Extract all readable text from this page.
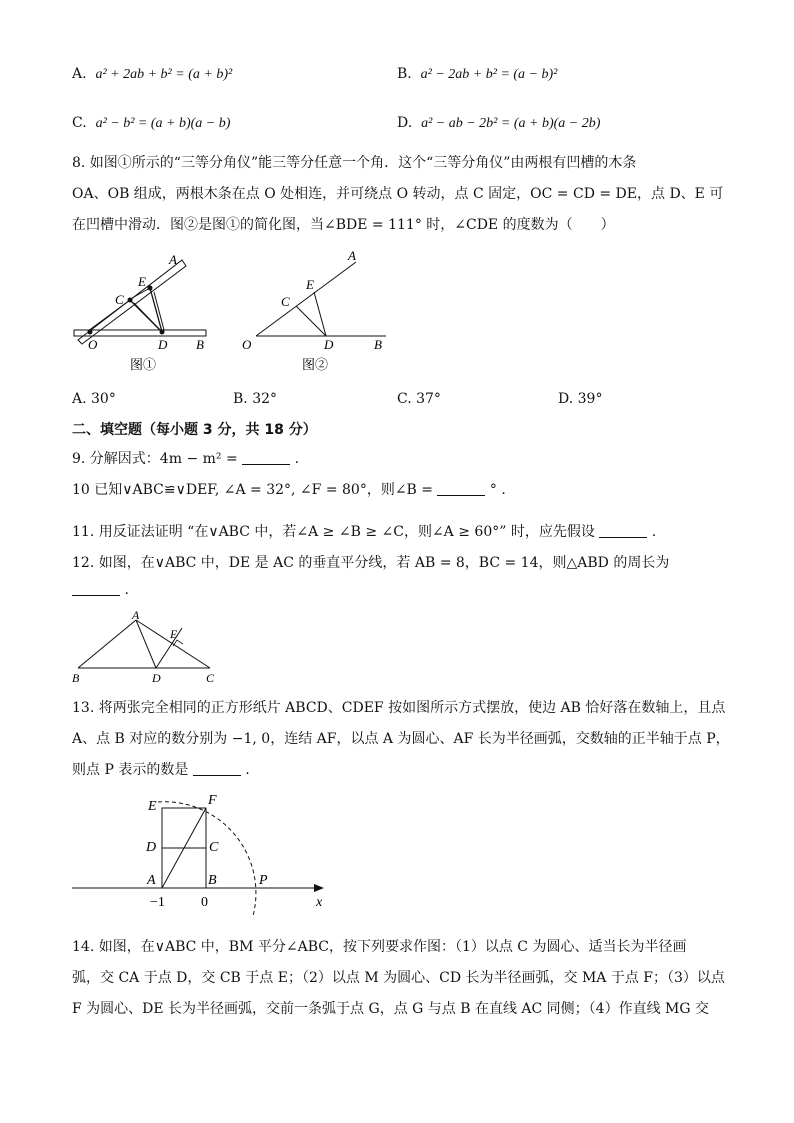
A. a² + 2ab + b² = (a + b)²	B. a² − 2ab + b² = (a − b)²
C. a² − b² = (a + b)(a − b)	D. a² − ab − 2b² = (a + b)(a − 2b)
8. 如图①所示的“三等分角仪”能三等分任意一个角．这个“三等分角仪”由两根有凹槽的木条
OA、OB 组成，两根木条在点 O 处相连，并可绕点 O 转动，点 C 固定，OC = CD = DE，点 D、E 可
在凹槽中滑动．图②是图①的简化图，当∠BDE = 111° 时，∠CDE 的度数为（　　）
O	D B
C
E
A
图①
O	D	B
C
E
A
图②
A. 30°	B. 32°	C. 37°	D. 39°
二、填空题（每小题 3 分，共 18 分）
9. 分解因式：4m − m² =	.
10 已知∨ABC≌∨DEF, ∠A = 32°, ∠F = 80°，则∠B =	° .
11. 用反证法证明 “在∨ABC 中，若∠A ≥ ∠B ≥ ∠C，则∠A ≥ 60°” 时，应先假设	.
12. 如图，在∨ABC 中，DE 是 AC 的垂直平分线，若 AB = 8，BC = 14，则△ABD 的周长为
.
A
B	D	C
E
13. 将两张完全相同的正方形纸片 ABCD、CDEF 按如图所示方式摆放，使边 AB 恰好落在数轴上，且点
A、点 B 对应的数分别为 −1, 0，连结 AF，以点 A 为圆心、AF 长为半径画弧，交数轴的正半轴于点 P，
则点 P 表示的数是	.
E	F
D	C
A	B	P
x
−1	0
14. 如图，在∨ABC 中，BM 平分∠ABC，按下列要求作图：（1）以点 C 为圆心、适当长为半径画
弧，交 CA 于点 D，交 CB 于点 E；（2）以点 M 为圆心、CD 长为半径画弧，交 MA 于点 F；（3）以点
F 为圆心、DE 长为半径画弧，交前一条弧于点 G，点 G 与点 B 在直线 AC 同侧；（4）作直线 MG 交
